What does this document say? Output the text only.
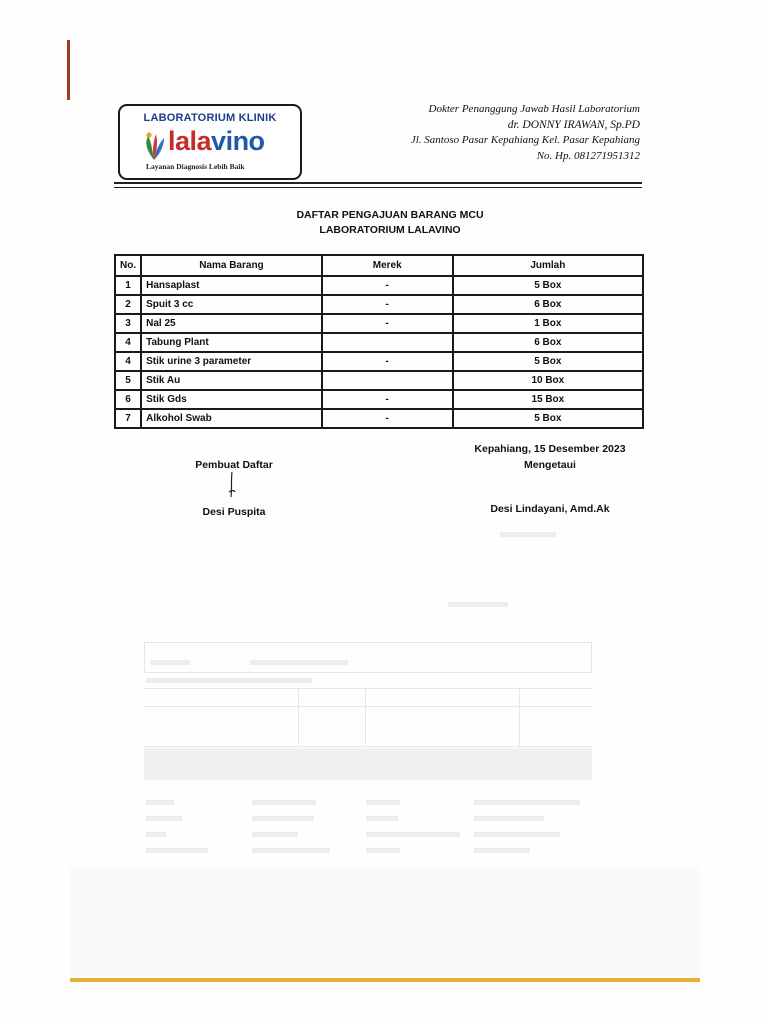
LABORATORIUM KLINIK
lalavino
Layanan Diagnosis Lebih Baik
Dokter Penanggung Jawab Hasil Laboratorium
dr. DONNY IRAWAN, Sp.PD
Jl. Santoso Pasar Kepahiang Kel. Pasar Kepahiang
No. Hp. 081271951312
DAFTAR PENGAJUAN BARANG MCU
LABORATORIUM LALAVINO
No.	Nama Barang	Merek	Jumlah
1	Hansaplast	-	5 Box
2	Spuit 3 cc	-	6 Box
3	Nal 25	-	1 Box
4	Tabung Plant		6 Box
4	Stik urine 3 parameter	-	5 Box
5	Stik Au		10 Box
6	Stik Gds	-	15 Box
7	Alkohol Swab	-	5 Box
Pembuat Daftar
Desi Puspita
Kepahiang, 15 Desember 2023
Mengetaui
Desi Lindayani, Amd.Ak
